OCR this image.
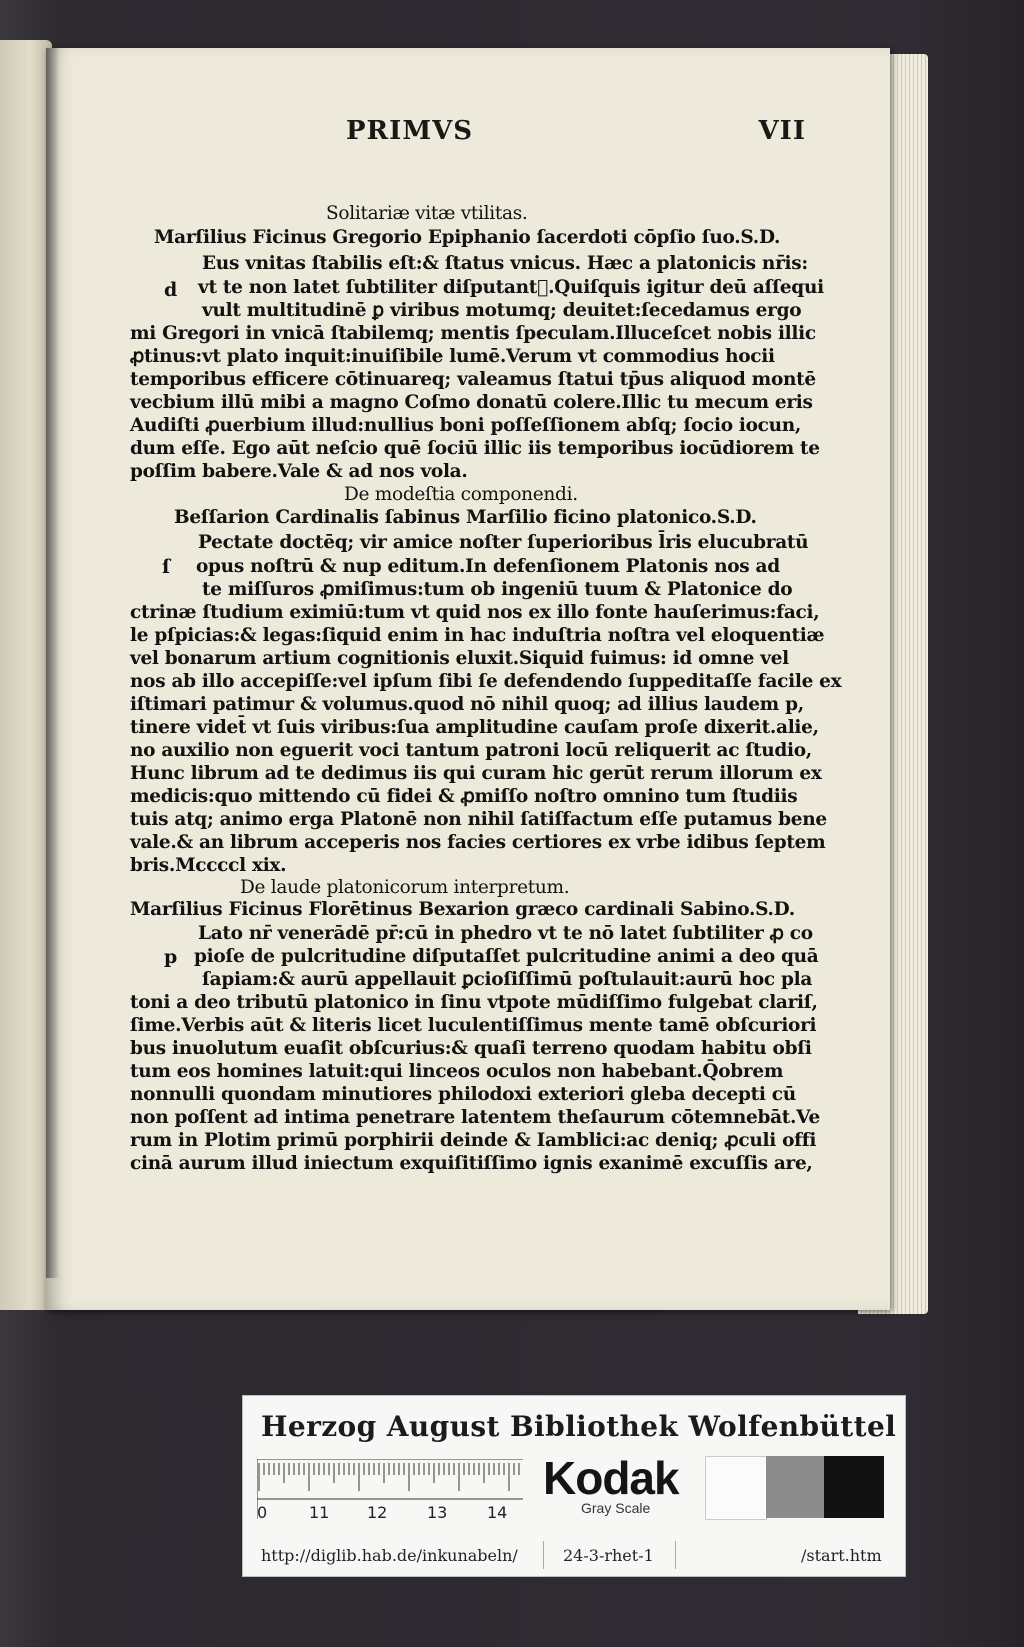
PRIMVS	VII
d
ſ
p
Solitariæ vitæ vtilitas.
Marſilius Ficinus Gregorio Epiphanio ſacerdoti cōpſio ſuo.S.D.
Eus vnitas ſtabilis eſt:& ſtatus vnicus. Hæc a platonicis nr̄is:
vt te non latet ſubtiliter diſputantᷣ.Quiſquis igitur deū aſſequi
vult multitudinē ꝑ viribus motumq; deuitet:ſecedamus ergo
mi Gregori in vnicā ſtabilemq; mentis ſpeculam.Illuceſcet nobis illic
ꝓtinus:vt plato inquit:inuiſibile lumē.Verum vt commodius hocii
temporibus efficere cōtinuareq; valeamus ſtatui tp̄us aliquod montē
vecbium illū mibi a magno Coſmo donatū colere.Illic tu mecum eris
Audiſti ꝓuerbium illud:nullius boni poſſeſſionem abſq; ſocio iocun,
dum eſſe. Ego aūt neſcio quē ſociū illic iis temporibus iocūdiorem te
poſſim babere.Vale & ad nos vola.
De modeſtia componendi.
Beſſarion Cardinalis ſabinus Marſilio ficino platonico.S.D.
Pectate doctēq; vir amice noſter ſuperioribus l̄ris elucubratū
opus noſtrū & nup editum.In defenſionem Platonis nos ad
te miſſuros ꝓmiſimus:tum ob ingeniū tuum & Platonice do
ctrinæ ſtudium eximiū:tum vt quid nos ex illo fonte hauſerimus:faci,
le pſpicias:& legas:ſiquid enim in hac induſtria noſtra vel eloquentiæ
vel bonarum artium cognitionis eluxit.Siquid fuimus: id omne vel
nos ab illo accepiſſe:vel ipſum ſibi ſe defendendo ſuppeditaſſe facile ex
iſtimari patimur & volumus.quod nō nihil quoq; ad illius laudem p,
tinere videt̄ vt ſuis viribus:ſua amplitudine cauſam proſe dixerit.alie,
no auxilio non eguerit voci tantum patroni locū reliquerit ac ſtudio,
Hunc librum ad te dedimus iis qui curam hic gerūt rerum illorum ex
medicis:quo mittendo cū fidei & ꝓmiſſo noſtro omnino tum ſtudiis
tuis atq; animo erga Platonē non nihil ſatiſfactum eſſe putamus bene
vale.& an librum acceperis nos facies certiores ex vrbe idibus ſeptem
bris.Mccccl xix.
De laude platonicorum interpretum.
Marſilius Ficinus Florētinus Bexarion græco cardinali Sabino.S.D.
Lato nr̄ venerādē pr̄:cū in phedro vt te nō latet ſubtiliter ꝓ co
pioſe de pulcritudine diſputaſſet pulcritudine animi a deo quā
ſapiam:& aurū appellauit ꝑcioſiſſimū poſtulauit:aurū hoc pla
toni a deo tributū platonico in ſinu vtpote mūdiſſimo fulgebat clariſ,
ſime.Verbis aūt & literis licet luculentiſſimus mente tamē obſcuriori
bus inuolutum euaſit obſcurius:& quaſi terreno quodam habitu obſi
tum eos homines latuit:qui linceos oculos non habebant.Q̄obrem
nonnulli quondam minutiores philodoxi exteriori gleba decepti cū
non poſſent ad intima penetrare latentem theſaurum cōtemnebāt.Ve
rum in Plotim primū porphirii deinde & Iamblici:ac deniq; ꝓculi offi
cinā aurum illud iniectum exquiſitiſſimo ignis exanimē excuſſis are,
Herzog August Bibliothek Wolfenbüttel
0	11 12 13 14
Kodak
Gray Scale
http://diglib.hab.de/inkunabeln/	24-3-rhet-1	/start.htm
